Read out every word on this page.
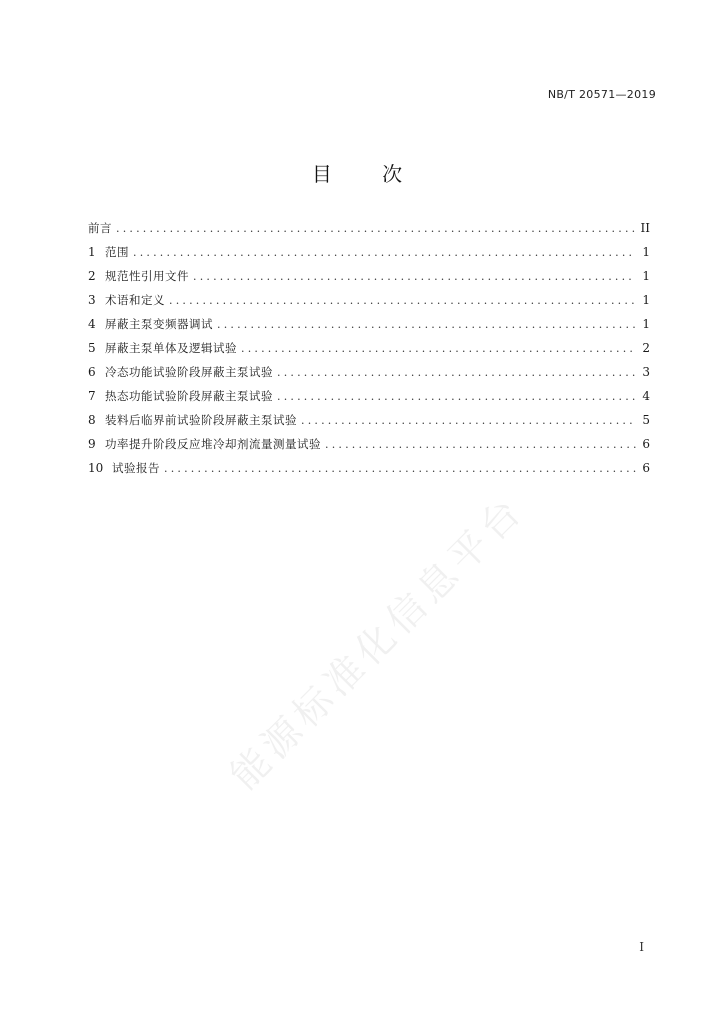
NB/T 20571—2019
目 次
前言 .....	II
1 范围 .....	1
2 规范性引用文件 .....	1
3 术语和定义 .....	1
4 屏蔽主泵变频器调试 .....	1
5 屏蔽主泵单体及逻辑试验 .....	2
6 冷态功能试验阶段屏蔽主泵试验 .....	3
7 热态功能试验阶段屏蔽主泵试验 .....	4
8 装料后临界前试验阶段屏蔽主泵试验 .....	5
9 功率提升阶段反应堆冷却剂流量测量试验 .....	6
10 试验报告 .....	6
能源标准化信息平台
I
